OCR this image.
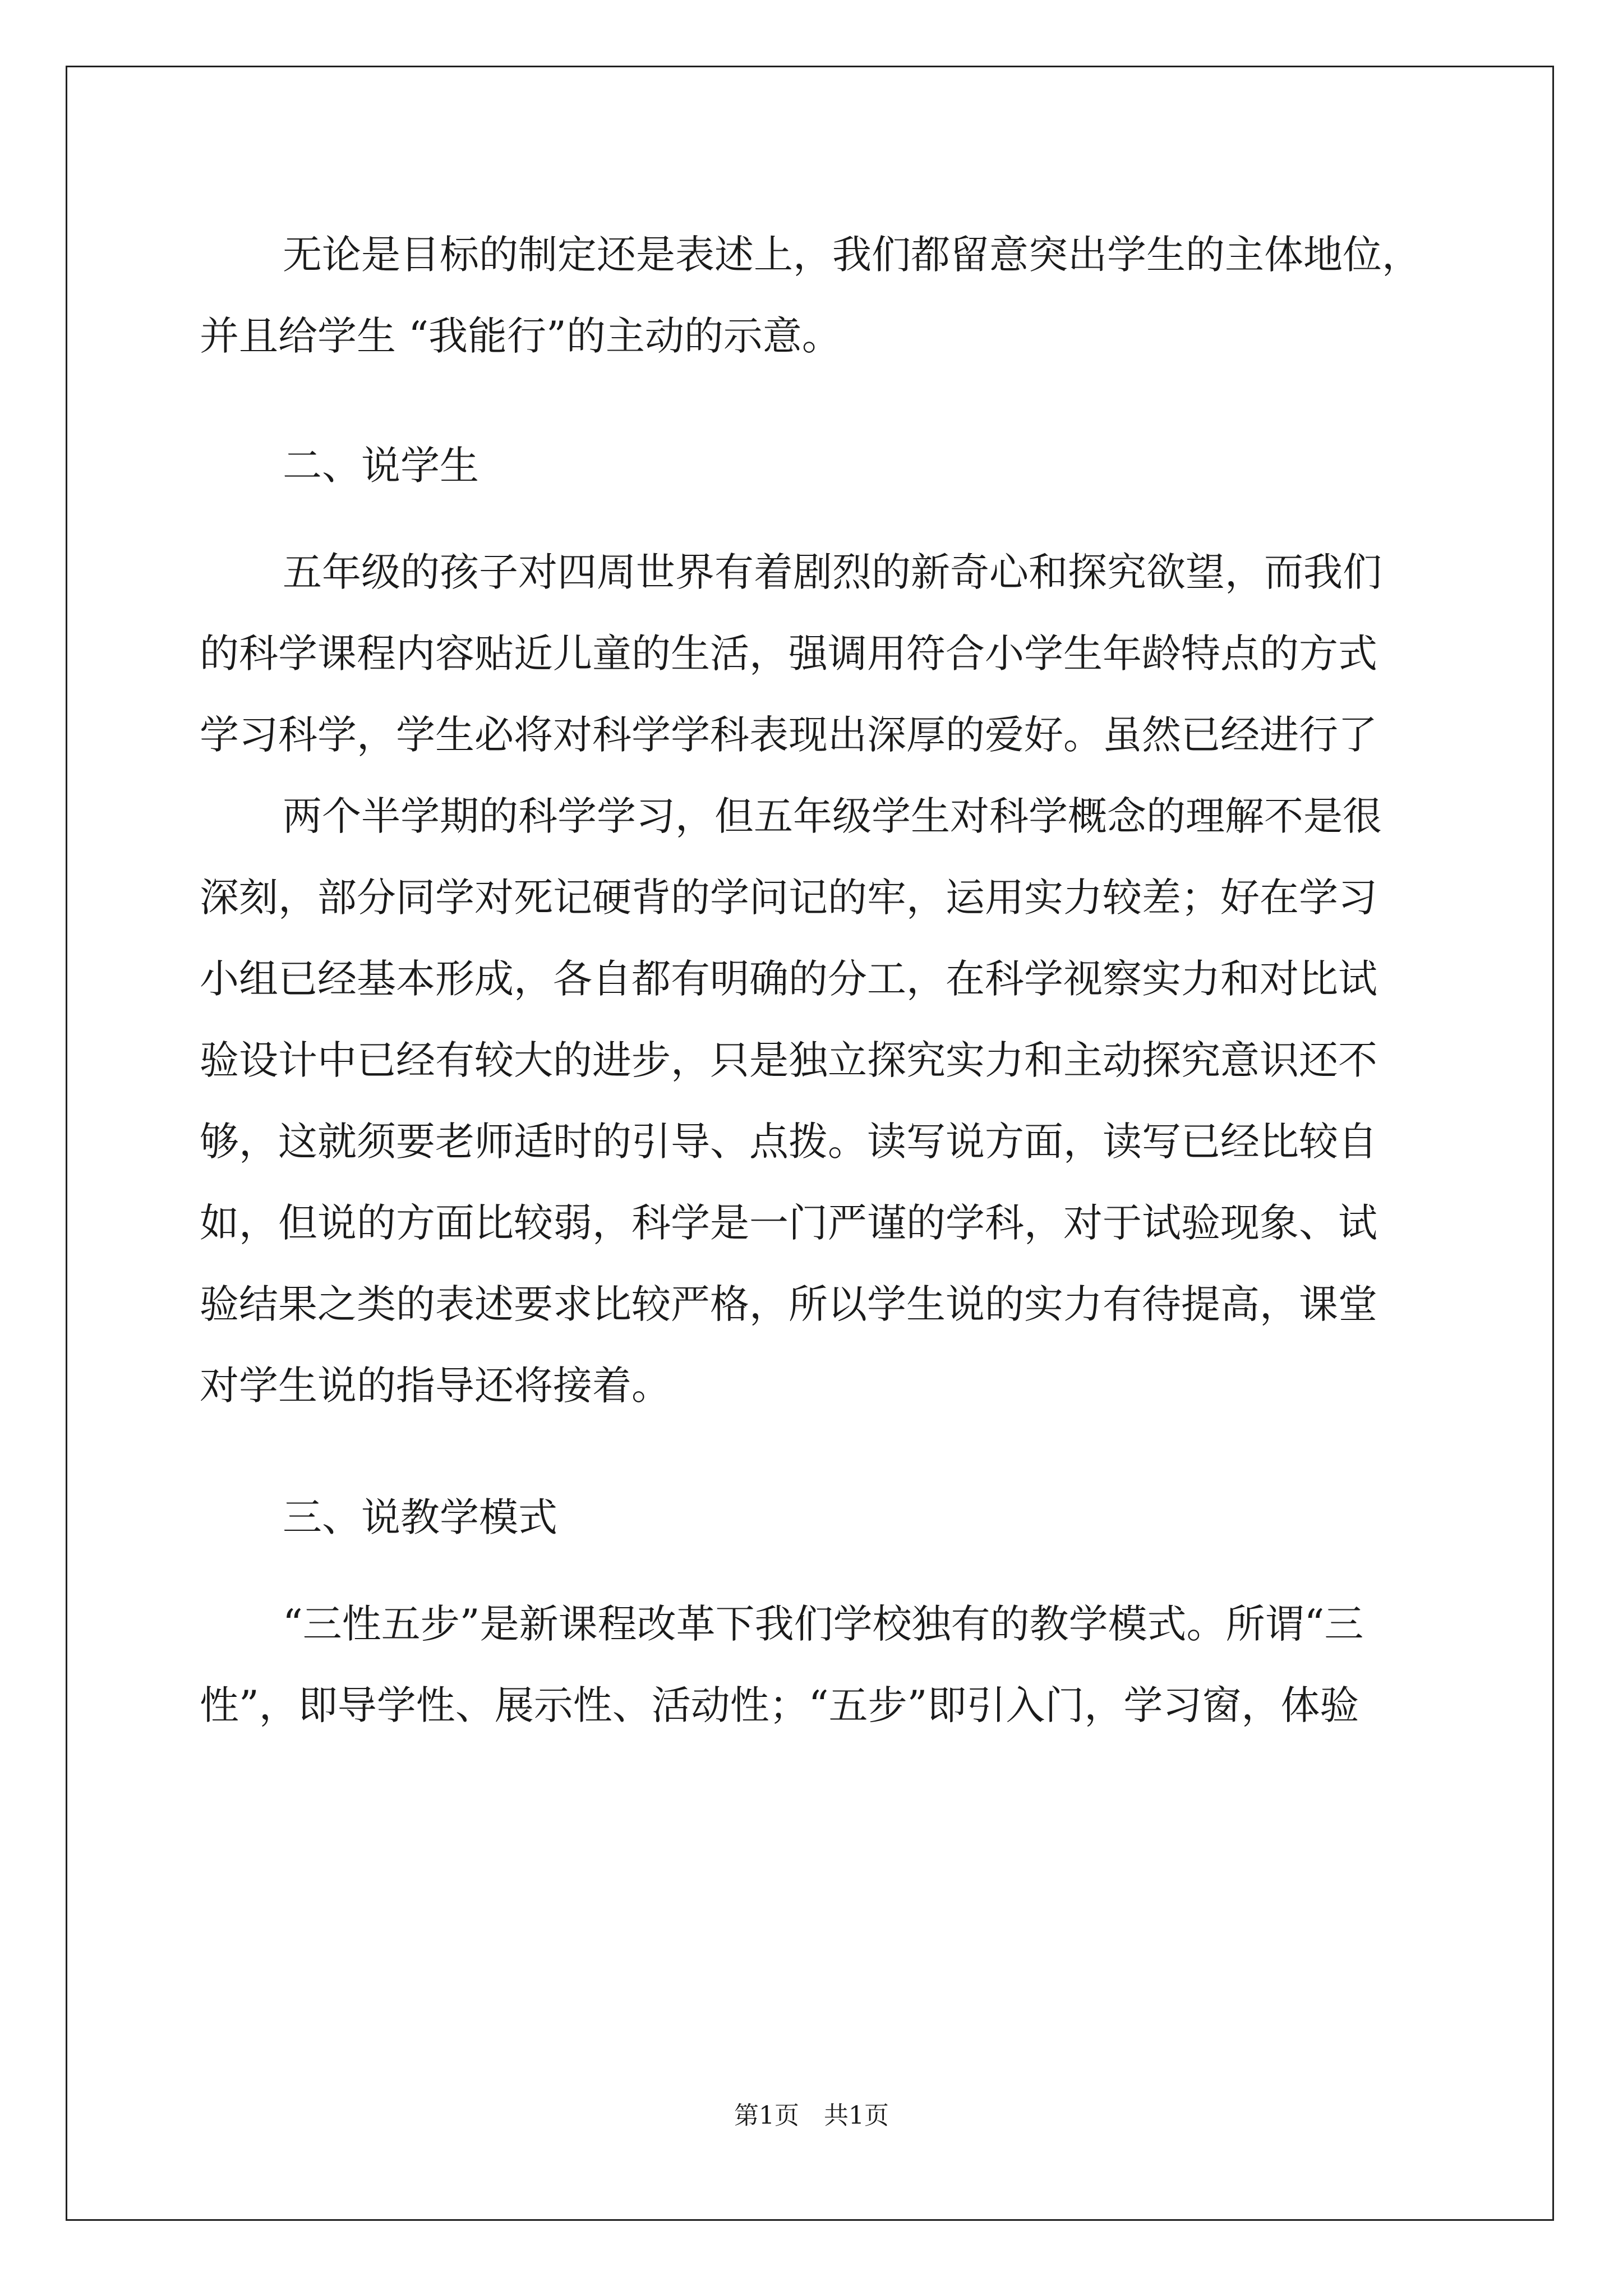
无论是目标的制定还是表述上，我们都留意突出学生的主体地位，

并且给学生 “我能行”的主动的示意。

二、说学生

五年级的孩子对四周世界有着剧烈的新奇心和探究欲望，而我们

的科学课程内容贴近儿童的生活，强调用符合小学生年龄特点的方式

学习科学，学生必将对科学学科表现出深厚的爱好。虽然已经进行了

两个半学期的科学学习，但五年级学生对科学概念的理解不是很

深刻，部分同学对死记硬背的学问记的牢，运用实力较差；好在学习

小组已经基本形成，各自都有明确的分工，在科学视察实力和对比试

验设计中已经有较大的进步，只是独立探究实力和主动探究意识还不

够，这就须要老师适时的引导、点拨。读写说方面，读写已经比较自

如，但说的方面比较弱，科学是一门严谨的学科，对于试验现象、试

验结果之类的表述要求比较严格，所以学生说的实力有待提高，课堂

对学生说的指导还将接着。

三、说教学模式

“三性五步”是新课程改革下我们学校独有的教学模式。所谓“三

性”，即导学性、展示性、活动性；“五步”即引入门，学习窗，体验

第1页　共1页
